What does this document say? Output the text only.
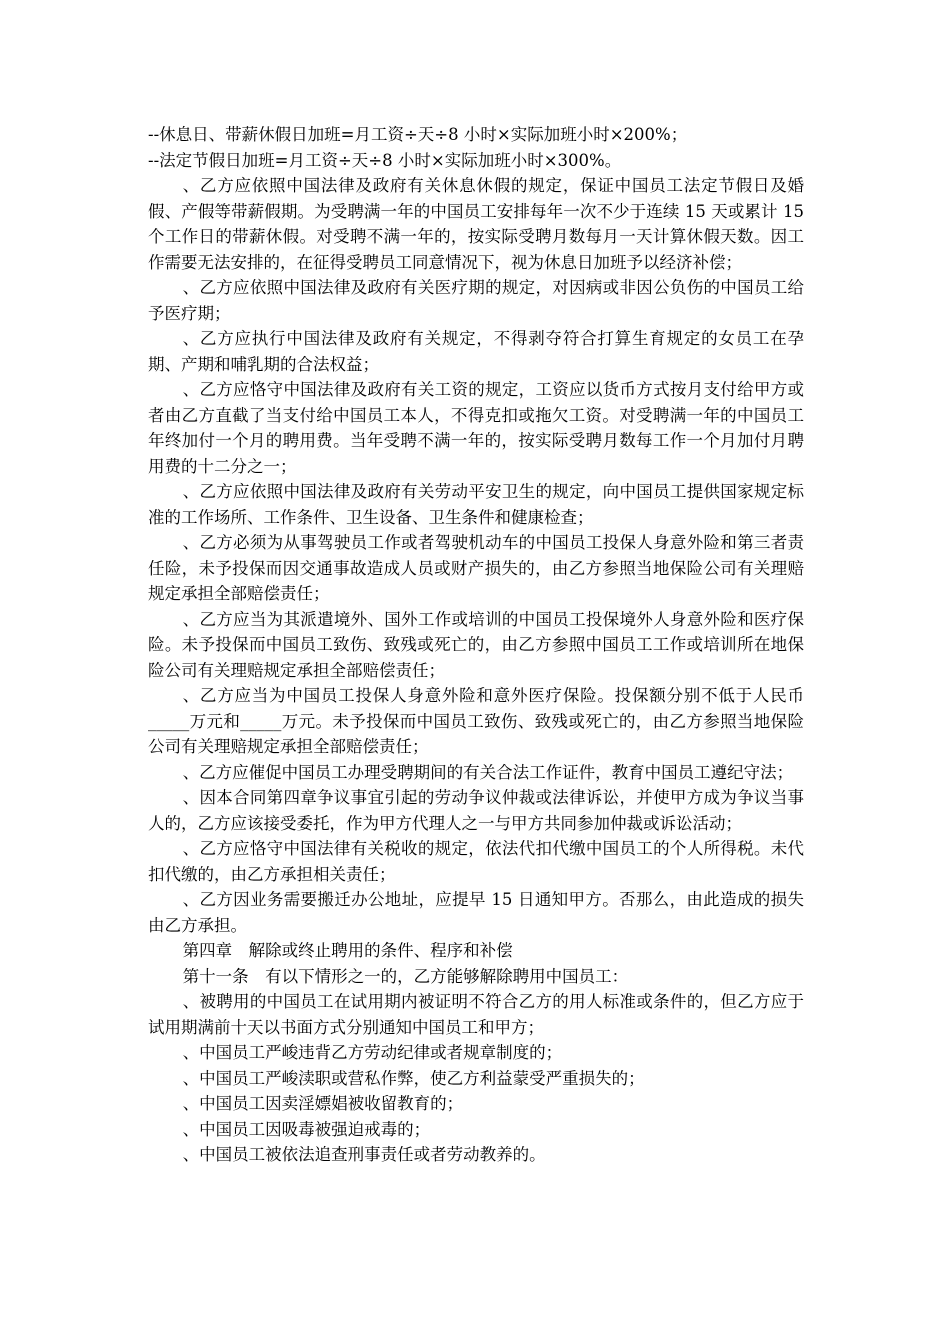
--休息日、带薪休假日加班=月工资÷天÷8 小时×实际加班小时×200%；

--法定节假日加班=月工资÷天÷8 小时×实际加班小时×300%。

、乙方应依照中国法律及政府有关休息休假的规定，保证中国员工法定节假日及婚假、产假等带薪假期。为受聘满一年的中国员工安排每年一次不少于连续 15 天或累计 15 个工作日的带薪休假。对受聘不满一年的，按实际受聘月数每月一天计算休假天数。因工作需要无法安排的，在征得受聘员工同意情况下，视为休息日加班予以经济补偿；

、乙方应依照中国法律及政府有关医疗期的规定，对因病或非因公负伤的中国员工给予医疗期；

、乙方应执行中国法律及政府有关规定，不得剥夺符合打算生育规定的女员工在孕期、产期和哺乳期的合法权益；

、乙方应恪守中国法律及政府有关工资的规定，工资应以货币方式按月支付给甲方或者由乙方直截了当支付给中国员工本人，不得克扣或拖欠工资。对受聘满一年的中国员工年终加付一个月的聘用费。当年受聘不满一年的，按实际受聘月数每工作一个月加付月聘用费的十二分之一；

、乙方应依照中国法律及政府有关劳动平安卫生的规定，向中国员工提供国家规定标准的工作场所、工作条件、卫生设备、卫生条件和健康检查；

、乙方必须为从事驾驶员工作或者驾驶机动车的中国员工投保人身意外险和第三者责任险，未予投保而因交通事故造成人员或财产损失的，由乙方参照当地保险公司有关理赔规定承担全部赔偿责任；

、乙方应当为其派遣境外、国外工作或培训的中国员工投保境外人身意外险和医疗保险。未予投保而中国员工致伤、致残或死亡的，由乙方参照中国员工工作或培训所在地保险公司有关理赔规定承担全部赔偿责任；

、乙方应当为中国员工投保人身意外险和意外医疗保险。投保额分别不低于人民币_____万元和_____万元。未予投保而中国员工致伤、致残或死亡的，由乙方参照当地保险公司有关理赔规定承担全部赔偿责任；

、乙方应催促中国员工办理受聘期间的有关合法工作证件，教育中国员工遵纪守法；

、因本合同第四章争议事宜引起的劳动争议仲裁或法律诉讼，并使甲方成为争议当事人的，乙方应该接受委托，作为甲方代理人之一与甲方共同参加仲裁或诉讼活动；

、乙方应恪守中国法律有关税收的规定，依法代扣代缴中国员工的个人所得税。未代扣代缴的，由乙方承担相关责任；

、乙方因业务需要搬迁办公地址，应提早 15 日通知甲方。否那么，由此造成的损失由乙方承担。

第四章　解除或终止聘用的条件、程序和补偿

第十一条　有以下情形之一的，乙方能够解除聘用中国员工：

、被聘用的中国员工在试用期内被证明不符合乙方的用人标准或条件的，但乙方应于试用期满前十天以书面方式分别通知中国员工和甲方；

、中国员工严峻违背乙方劳动纪律或者规章制度的；

、中国员工严峻渎职或营私作弊，使乙方利益蒙受严重损失的；

、中国员工因卖淫嫖娼被收留教育的；

、中国员工因吸毒被强迫戒毒的；

、中国员工被依法追查刑事责任或者劳动教养的。
